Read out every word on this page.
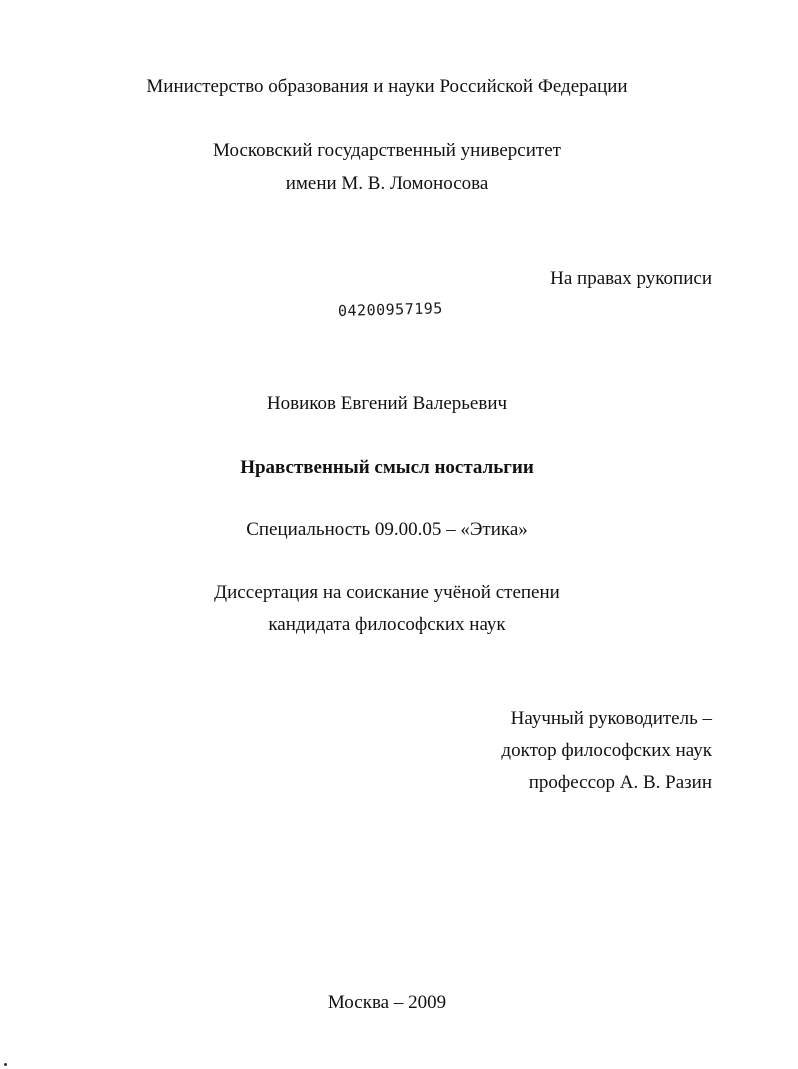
Министерство образования и науки Российской Федерации
Московский государственный университет
имени М. В. Ломоносова
На правах рукописи
04200957195
Новиков Евгений Валерьевич
Нравственный смысл ностальгии
Специальность 09.00.05 – «Этика»
Диссертация на соискание учёной степени
кандидата философских наук
Научный руководитель –
доктор философских наук
профессор А. В. Разин
Москва – 2009
